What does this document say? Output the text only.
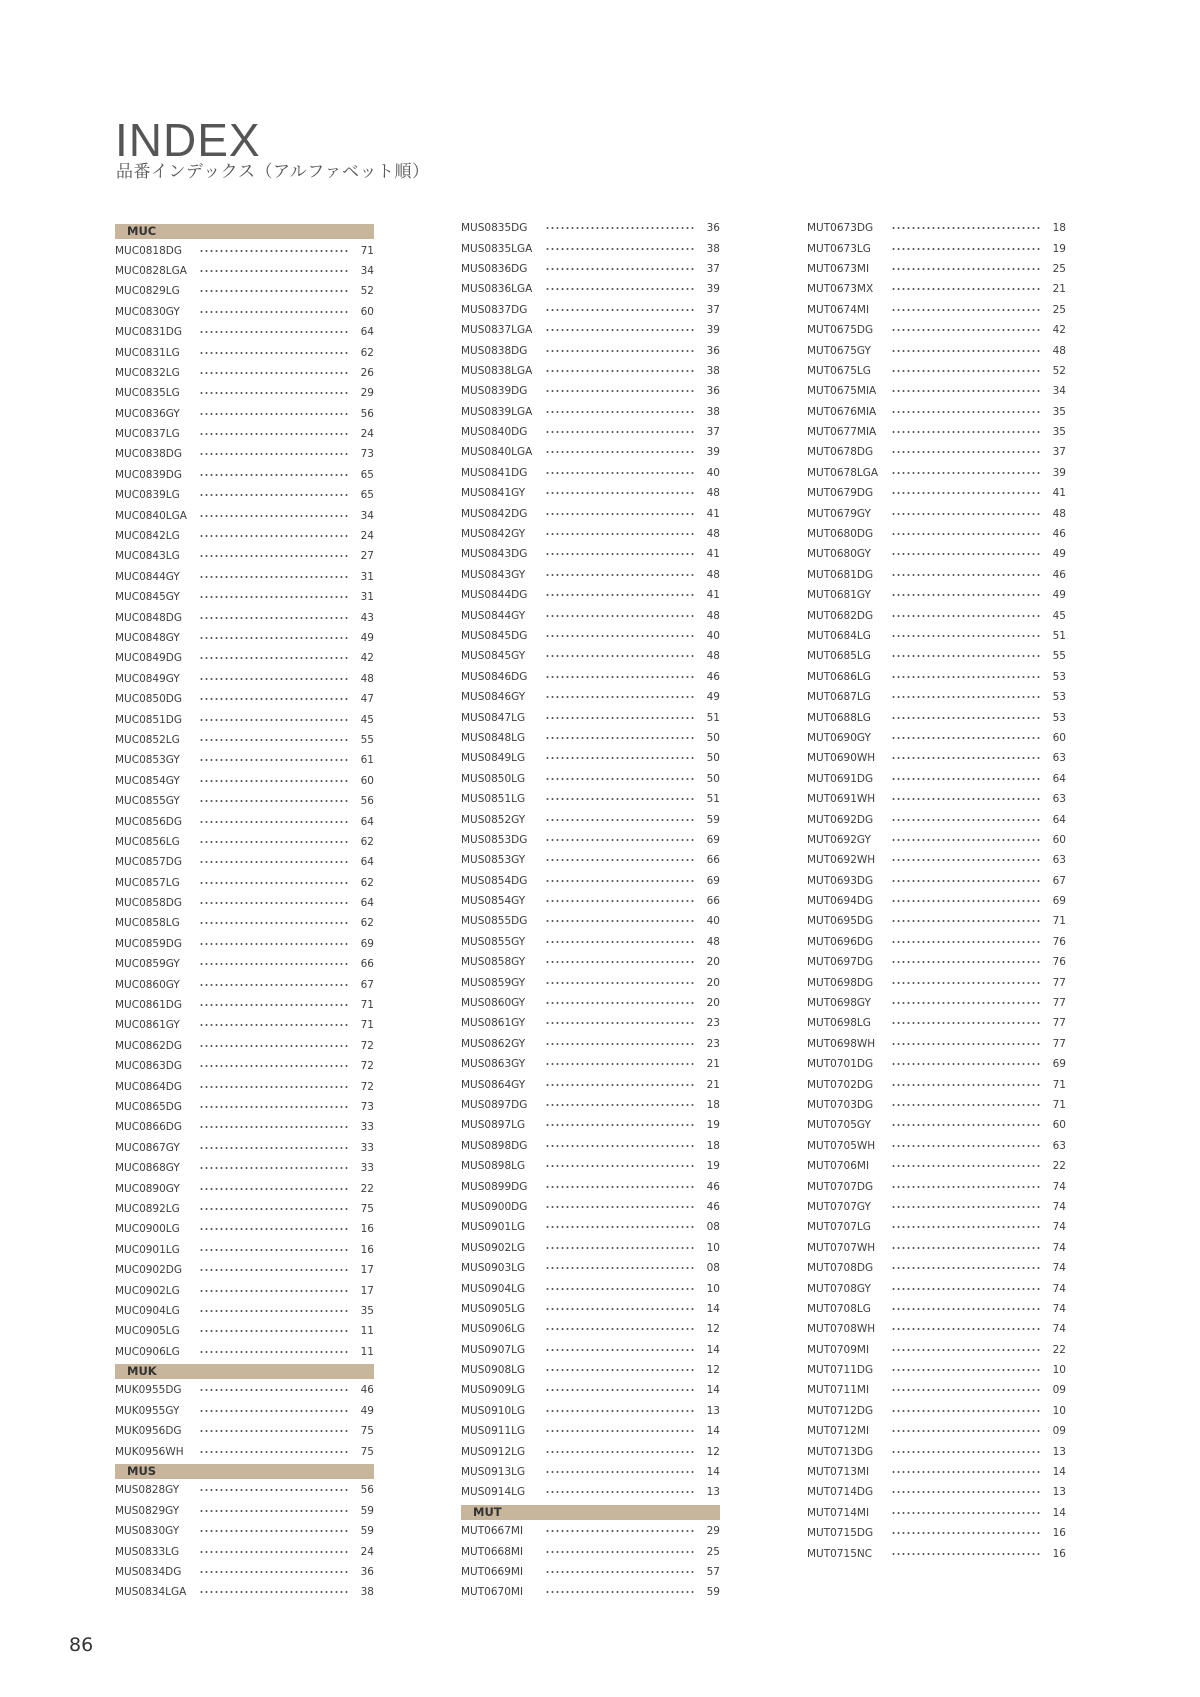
INDEX

品番インデックス（アルファベット順）

MUC
MUC0818DG	71
MUC0828LGA	34
MUC0829LG	52
MUC0830GY	60
MUC0831DG	64
MUC0831LG	62
MUC0832LG	26
MUC0835LG	29
MUC0836GY	56
MUC0837LG	24
MUC0838DG	73
MUC0839DG	65
MUC0839LG	65
MUC0840LGA	34
MUC0842LG	24
MUC0843LG	27
MUC0844GY	31
MUC0845GY	31
MUC0848DG	43
MUC0848GY	49
MUC0849DG	42
MUC0849GY	48
MUC0850DG	47
MUC0851DG	45
MUC0852LG	55
MUC0853GY	61
MUC0854GY	60
MUC0855GY	56
MUC0856DG	64
MUC0856LG	62
MUC0857DG	64
MUC0857LG	62
MUC0858DG	64
MUC0858LG	62
MUC0859DG	69
MUC0859GY	66
MUC0860GY	67
MUC0861DG	71
MUC0861GY	71
MUC0862DG	72
MUC0863DG	72
MUC0864DG	72
MUC0865DG	73
MUC0866DG	33
MUC0867GY	33
MUC0868GY	33
MUC0890GY	22
MUC0892LG	75
MUC0900LG	16
MUC0901LG	16
MUC0902DG	17
MUC0902LG	17
MUC0904LG	35
MUC0905LG	11
MUC0906LG	11
MUK
MUK0955DG	46
MUK0955GY	49
MUK0956DG	75
MUK0956WH	75
MUS
MUS0828GY	56
MUS0829GY	59
MUS0830GY	59
MUS0833LG	24
MUS0834DG	36
MUS0834LGA	38
MUS0835DG	36
MUS0835LGA	38
MUS0836DG	37
MUS0836LGA	39
MUS0837DG	37
MUS0837LGA	39
MUS0838DG	36
MUS0838LGA	38
MUS0839DG	36
MUS0839LGA	38
MUS0840DG	37
MUS0840LGA	39
MUS0841DG	40
MUS0841GY	48
MUS0842DG	41
MUS0842GY	48
MUS0843DG	41
MUS0843GY	48
MUS0844DG	41
MUS0844GY	48
MUS0845DG	40
MUS0845GY	48
MUS0846DG	46
MUS0846GY	49
MUS0847LG	51
MUS0848LG	50
MUS0849LG	50
MUS0850LG	50
MUS0851LG	51
MUS0852GY	59
MUS0853DG	69
MUS0853GY	66
MUS0854DG	69
MUS0854GY	66
MUS0855DG	40
MUS0855GY	48
MUS0858GY	20
MUS0859GY	20
MUS0860GY	20
MUS0861GY	23
MUS0862GY	23
MUS0863GY	21
MUS0864GY	21
MUS0897DG	18
MUS0897LG	19
MUS0898DG	18
MUS0898LG	19
MUS0899DG	46
MUS0900DG	46
MUS0901LG	08
MUS0902LG	10
MUS0903LG	08
MUS0904LG	10
MUS0905LG	14
MUS0906LG	12
MUS0907LG	14
MUS0908LG	12
MUS0909LG	14
MUS0910LG	13
MUS0911LG	14
MUS0912LG	12
MUS0913LG	14
MUS0914LG	13
MUT
MUT0667MI	29
MUT0668MI	25
MUT0669MI	57
MUT0670MI	59
MUT0673DG	18
MUT0673LG	19
MUT0673MI	25
MUT0673MX	21
MUT0674MI	25
MUT0675DG	42
MUT0675GY	48
MUT0675LG	52
MUT0675MIA	34
MUT0676MIA	35
MUT0677MIA	35
MUT0678DG	37
MUT0678LGA	39
MUT0679DG	41
MUT0679GY	48
MUT0680DG	46
MUT0680GY	49
MUT0681DG	46
MUT0681GY	49
MUT0682DG	45
MUT0684LG	51
MUT0685LG	55
MUT0686LG	53
MUT0687LG	53
MUT0688LG	53
MUT0690GY	60
MUT0690WH	63
MUT0691DG	64
MUT0691WH	63
MUT0692DG	64
MUT0692GY	60
MUT0692WH	63
MUT0693DG	67
MUT0694DG	69
MUT0695DG	71
MUT0696DG	76
MUT0697DG	76
MUT0698DG	77
MUT0698GY	77
MUT0698LG	77
MUT0698WH	77
MUT0701DG	69
MUT0702DG	71
MUT0703DG	71
MUT0705GY	60
MUT0705WH	63
MUT0706MI	22
MUT0707DG	74
MUT0707GY	74
MUT0707LG	74
MUT0707WH	74
MUT0708DG	74
MUT0708GY	74
MUT0708LG	74
MUT0708WH	74
MUT0709MI	22
MUT0711DG	10
MUT0711MI	09
MUT0712DG	10
MUT0712MI	09
MUT0713DG	13
MUT0713MI	14
MUT0714DG	13
MUT0714MI	14
MUT0715DG	16
MUT0715NC	16

86
